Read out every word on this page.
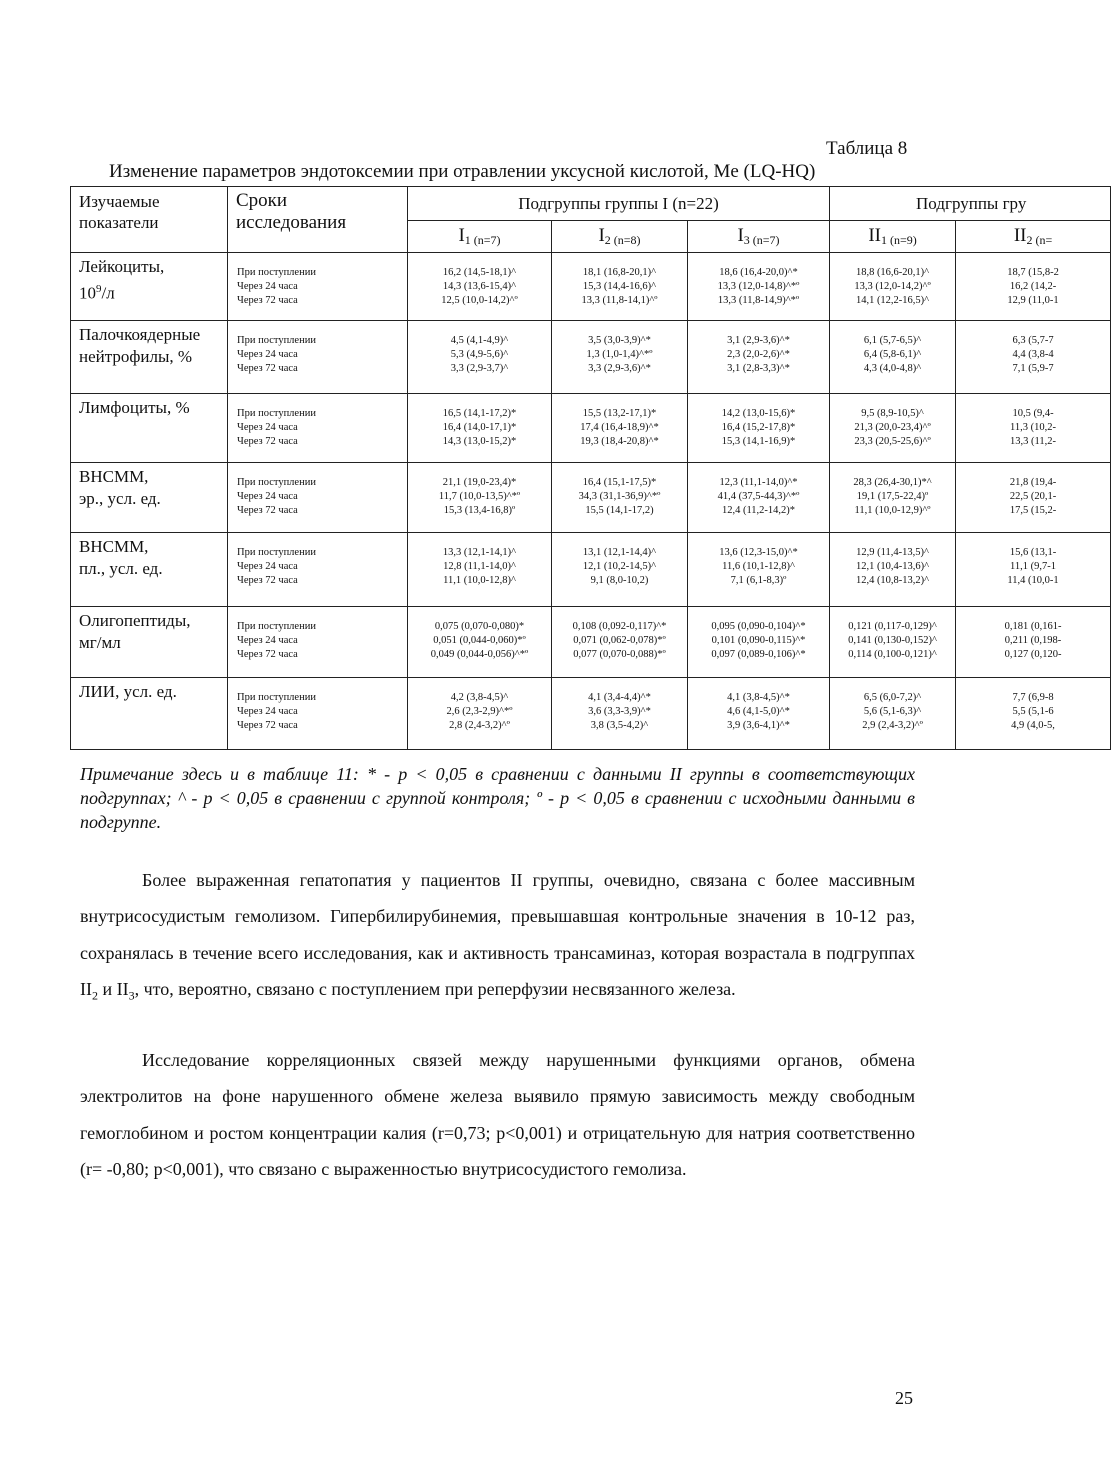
Таблица 8
Изменение параметров эндотоксемии при отравлении уксусной кислотой, Me (LQ-HQ)
Изучаемые показатели	Сроки исследования	Подгруппы группы I (n=22)			Подгруппы гру	
		$I_{1 (n=7)}$	$I_{2 (n=8)}$	$I_{3 (n=7)}$	$II_{1 (n=9)}$	$II_{2 (n=}$
Лейкоциты,
$10^9/л$	При поступлении
Через 24 часа
Через 72 часа	16,2 (14,5-18,1)^
14,3 (13,6-15,4)^
12,5 (10,0-14,2)^º	18,1 (16,8-20,1)^
15,3 (14,4-16,6)^
13,3 (11,8-14,1)^º	18,6 (16,4-20,0)^*
13,3 (12,0-14,8)^*º
13,3 (11,8-14,9)^*º	18,8 (16,6-20,1)^
13,3 (12,0-14,2)^º
14,1 (12,2-16,5)^	18,7 (15,8-2
16,2 (14,2-
12,9 (11,0-1

Палочкоядерные нейтрофилы, %	При поступлении
Через 24 часа
Через 72 часа	4,5 (4,1-4,9)^
5,3 (4,9-5,6)^
3,3 (2,9-3,7)^	3,5 (3,0-3,9)^*
1,3 (1,0-1,4)^*º
3,3 (2,9-3,6)^*	3,1 (2,9-3,6)^*
2,3 (2,0-2,6)^*
3,1 (2,8-3,3)^*	6,1 (5,7-6,5)^
6,4 (5,8-6,1)^
4,3 (4,0-4,8)^	6,3 (5,7-7
4,4 (3,8-4
7,1 (5,9-7

Лимфоциты, %	При поступлении
Через 24 часа
Через 72 часа	16,5 (14,1-17,2)*
16,4 (14,0-17,1)*
14,3 (13,0-15,2)*	15,5 (13,2-17,1)*
17,4 (16,4-18,9)^*
19,3 (18,4-20,8)^*	14,2 (13,0-15,6)*
16,4 (15,2-17,8)*
15,3 (14,1-16,9)*	9,5 (8,9-10,5)^
21,3 (20,0-23,4)^º
23,3 (20,5-25,6)^º	10,5 (9,4-
11,3 (10,2-
13,3 (11,2-

ВНСММ,
эр., усл. ед.	При поступлении
Через 24 часа
Через 72 часа	21,1 (19,0-23,4)*
11,7 (10,0-13,5)^*º
15,3 (13,4-16,8)º	16,4 (15,1-17,5)*
34,3 (31,1-36,9)^*º
15,5 (14,1-17,2)	12,3 (11,1-14,0)^*
41,4 (37,5-44,3)^*º
12,4 (11,2-14,2)*	28,3 (26,4-30,1)*^
19,1 (17,5-22,4)º
11,1 (10,0-12,9)^º	21,8 (19,4-
22,5 (20,1-
17,5 (15,2-

ВНСММ,
пл., усл. ед.	При поступлении
Через 24 часа
Через 72 часа	13,3 (12,1-14,1)^
12,8 (11,1-14,0)^
11,1 (10,0-12,8)^	13,1 (12,1-14,4)^
12,1 (10,2-14,5)^
9,1 (8,0-10,2)	13,6 (12,3-15,0)^*
11,6 (10,1-12,8)^
7,1 (6,1-8,3)º	12,9 (11,4-13,5)^
12,1 (10,4-13,6)^
12,4 (10,8-13,2)^	15,6 (13,1-
11,1 (9,7-1
11,4 (10,0-1

Олигопептиды,
мг/мл	При поступлении
Через 24 часа
Через 72 часа	0,075 (0,070-0,080)*
0,051 (0,044-0,060)*º
0,049 (0,044-0,056)^*º	0,108 (0,092-0,117)^*
0,071 (0,062-0,078)*º
0,077 (0,070-0,088)*º	0,095 (0,090-0,104)^*
0,101 (0,090-0,115)^*
0,097 (0,089-0,106)^*	0,121 (0,117-0,129)^
0,141 (0,130-0,152)^
0,114 (0,100-0,121)^	0,181 (0,161-
0,211 (0,198-
0,127 (0,120-

ЛИИ, усл. ед.	При поступлении
Через 24 часа
Через 72 часа	4,2 (3,8-4,5)^
2,6 (2,3-2,9)^*º
2,8 (2,4-3,2)^º	4,1 (3,4-4,4)^*
3,6 (3,3-3,9)^*
3,8 (3,5-4,2)^	4,1 (3,8-4,5)^*
4,6 (4,1-5,0)^*
3,9 (3,6-4,1)^*	6,5 (6,0-7,2)^
5,6 (5,1-6,3)^
2,9 (2,4-3,2)^º	7,7 (6,9-8
5,5 (5,1-6
4,9 (4,0-5,
Примечание здесь и в таблице 11: * - p < 0,05 в сравнении с данными II группы в соответствующих подгруппах; ^ - p < 0,05 в сравнении с группой контроля; º - p < 0,05 в сравнении с исходными данными в подгруппе.
Более выраженная гепатопатия у пациентов II группы, очевидно, связана с более массивным внутрисосудистым гемолизом. Гипербилирубинемия, превышавшая контрольные значения в 10-12 раз, сохранялась в течение всего исследования, как и активность трансаминаз, которая возрастала в подгруппах $II_2$ и $II_3$, что, вероятно, связано с поступлением при реперфузии несвязанного железа.
Исследование корреляционных связей между нарушенными функциями органов, обмена электролитов на фоне нарушенного обмене железа выявило прямую зависимость между свободным гемоглобином и ростом концентрации калия (r=0,73; p<0,001) и отрицательную для натрия соответственно (r= -0,80; p<0,001), что связано с выраженностью внутрисосудистого гемолиза.
25
